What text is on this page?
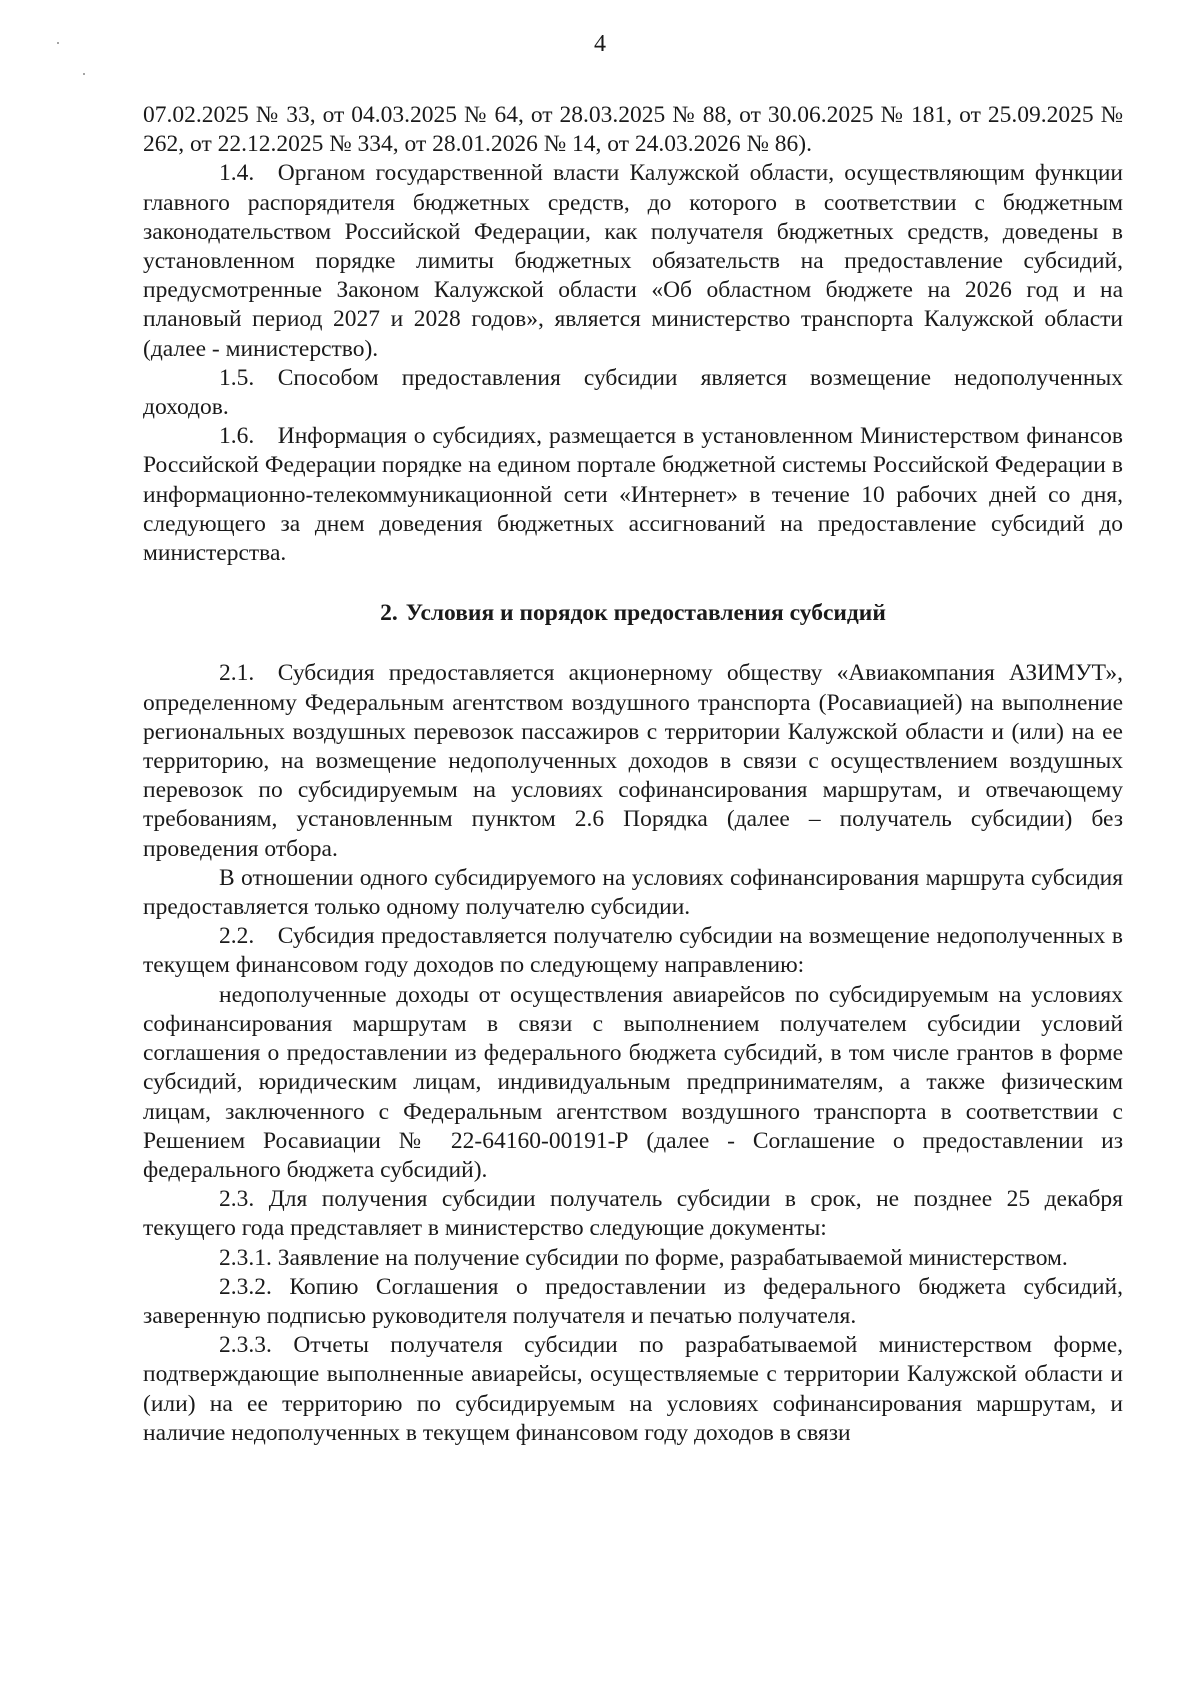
4

07.02.2025 № 33, от 04.03.2025 № 64, от 28.03.2025 № 88, от 30.06.2025 № 181, от 25.09.2025 № 262, от 22.12.2025 № 334, от 28.01.2026 № 14, от 24.03.2026 № 86).

1.4. Органом государственной власти Калужской области, осуществляющим функции главного распорядителя бюджетных средств, до которого в соответствии с бюджетным законодательством Российской Федерации, как получателя бюджетных средств, доведены в установленном порядке лимиты бюджетных обязательств на предоставление субсидий, предусмотренные Законом Калужской области «Об областном бюджете на 2026 год и на плановый период 2027 и 2028 годов», является министерство транспорта Калужской области (далее - министерство).

1.5. Способом предоставления субсидии является возмещение недополученных доходов.

1.6. Информация о субсидиях, размещается в установленном Министерством финансов Российской Федерации порядке на едином портале бюджетной системы Российской Федерации в информационно-телекоммуникационной сети «Интернет» в течение 10 рабочих дней со дня, следующего за днем доведения бюджетных ассигнований на предоставление субсидий до министерства.

2. Условия и порядок предоставления субсидий

2.1. Субсидия предоставляется акционерному обществу «Авиакомпания АЗИМУТ», определенному Федеральным агентством воздушного транспорта (Росавиацией) на выполнение региональных воздушных перевозок пассажиров с территории Калужской области и (или) на ее территорию, на возмещение недополученных доходов в связи с осуществлением воздушных перевозок по субсидируемым на условиях софинансирования маршрутам, и отвечающему требованиям, установленным пунктом 2.6 Порядка (далее – получатель субсидии) без проведения отбора.

В отношении одного субсидируемого на условиях софинансирования маршрута субсидия предоставляется только одному получателю субсидии.

2.2. Субсидия предоставляется получателю субсидии на возмещение недополученных в текущем финансовом году доходов по следующему направлению:

недополученные доходы от осуществления авиарейсов по субсидируемым на условиях софинансирования маршрутам в связи с выполнением получателем субсидии условий соглашения о предоставлении из федерального бюджета субсидий, в том числе грантов в форме субсидий, юридическим лицам, индивидуальным предпринимателям, а также физическим лицам, заключенного с Федеральным агентством воздушного транспорта в соответствии с Решением Росавиации № 22-64160-00191-Р (далее - Соглашение о предоставлении из федерального бюджета субсидий).

2.3. Для получения субсидии получатель субсидии в срок, не позднее 25 декабря текущего года представляет в министерство следующие документы:

2.3.1. Заявление на получение субсидии по форме, разрабатываемой министерством.

2.3.2. Копию Соглашения о предоставлении из федерального бюджета субсидий, заверенную подписью руководителя получателя и печатью получателя.

2.3.3. Отчеты получателя субсидии по разрабатываемой министерством форме, подтверждающие выполненные авиарейсы, осуществляемые с территории Калужской области и (или) на ее территорию по субсидируемым на условиях софинансирования маршрутам, и наличие недополученных в текущем финансовом году доходов в связи
